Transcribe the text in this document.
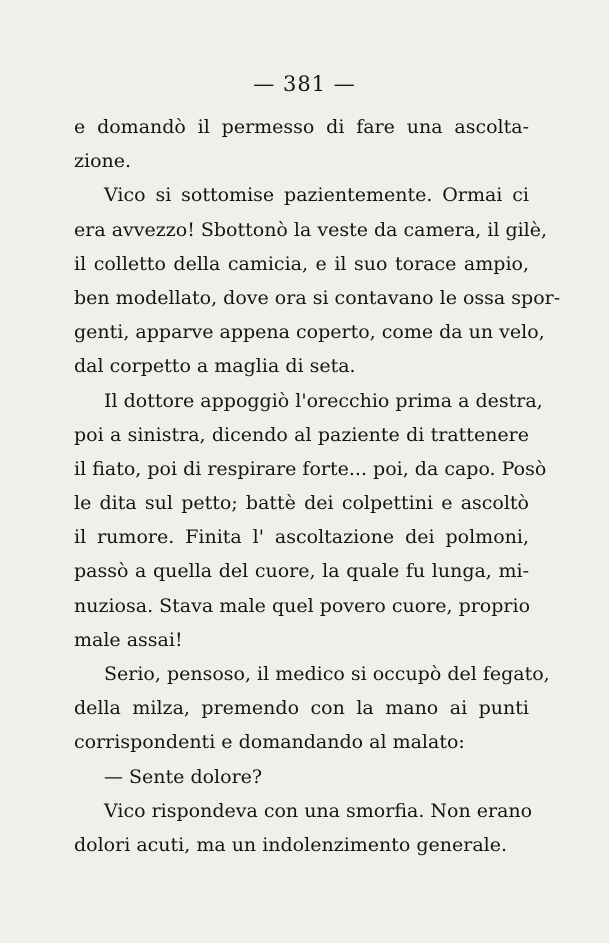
— 381 —
e domandò il permesso di fare una ascolta-
zione.
Vico si sottomise pazientemente. Ormai ci
era avvezzo! Sbottonò la veste da camera, il gilè,
il colletto della camicia, e il suo torace ampio,
ben modellato, dove ora si contavano le ossa spor-
genti, apparve appena coperto, come da un velo,
dal corpetto a maglia di seta.
Il dottore appoggiò l'orecchio prima a destra,
poi a sinistra, dicendo al paziente di trattenere
il fiato, poi di respirare forte... poi, da capo. Posò
le dita sul petto; battè dei colpettini e ascoltò
il rumore. Finita l' ascoltazione dei polmoni,
passò a quella del cuore, la quale fu lunga, mi-
nuziosa. Stava male quel povero cuore, proprio
male assai!
Serio, pensoso, il medico si occupò del fegato,
della milza, premendo con la mano ai punti
corrispondenti e domandando al malato:
— Sente dolore?
Vico rispondeva con una smorfia. Non erano
dolori acuti, ma un indolenzimento generale.
